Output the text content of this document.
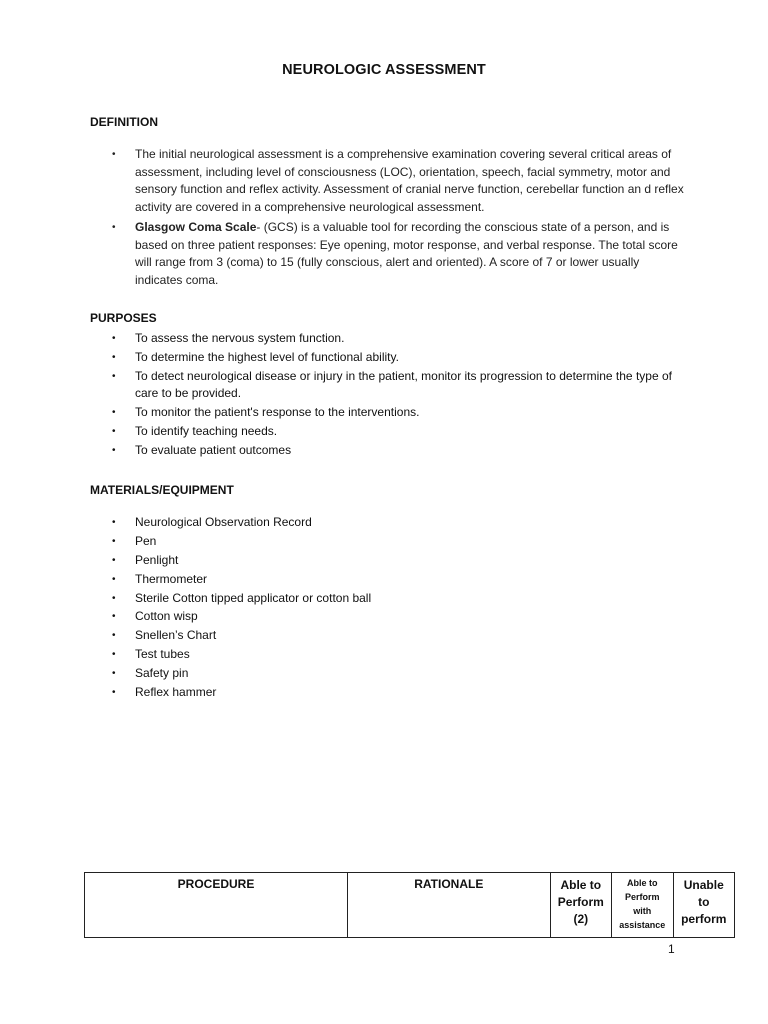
NEUROLOGIC ASSESSMENT
DEFINITION
• The initial neurological assessment is a comprehensive examination covering several critical areas of assessment, including level of consciousness (LOC), orientation, speech, facial symmetry, motor and sensory function and reflex activity. Assessment of cranial nerve function, cerebellar function an d reflex activity are covered in a comprehensive neurological assessment.
• Glasgow Coma Scale- (GCS) is a valuable tool for recording the conscious state of a person, and is based on three patient responses: Eye opening, motor response, and verbal response. The total score will range from 3 (coma) to 15 (fully conscious, alert and oriented). A score of 7 or lower usually indicates coma.
PURPOSES
• To assess the nervous system function.
• To determine the highest level of functional ability.
• To detect neurological disease or injury in the patient, monitor its progression to determine the type of care to be provided.
• To monitor the patient's response to the interventions.
• To identify teaching needs.
• To evaluate patient outcomes
MATERIALS/EQUIPMENT
• Neurological Observation Record
• Pen
• Penlight
• Thermometer
• Sterile Cotton tipped applicator or cotton ball
• Cotton wisp
• Snellen’s Chart
• Test tubes
• Safety pin
• Reflex hammer
PROCEDURE	RATIONALE	Able to Perform (2)	Able to Perform with assistance	Unable to perform
1
